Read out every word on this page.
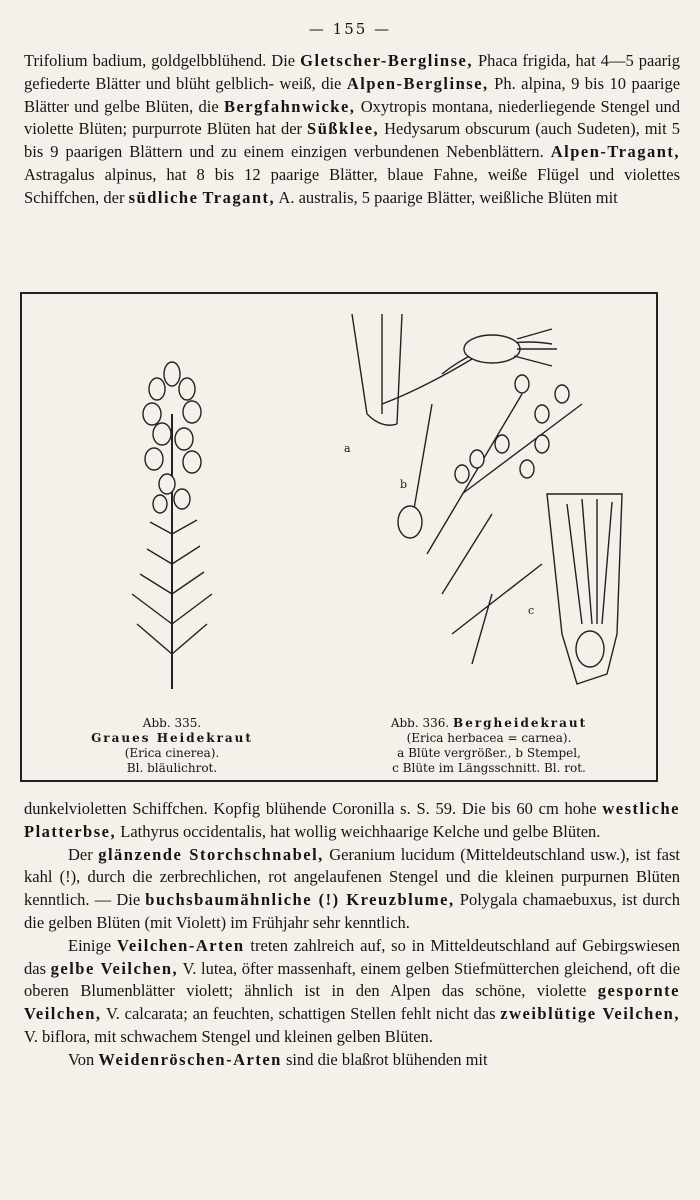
— 155 —

Trifolium badium, goldgelbblühend. Die Gletscher-Berglinse, Phaca frigida, hat 4—5 paarig gefiederte Blätter und blüht gelblich- weiß, die Alpen-Berglinse, Ph. alpina, 9 bis 10 paarige Blätter und gelbe Blüten, die Bergfahnwicke, Oxytropis montana, niederliegende Stengel und violette Blüten; purpurrote Blüten hat der Süßklee, Hedysarum obscurum (auch Sudeten), mit 5 bis 9 paarigen Blättern und zu einem einzigen verbundenen Nebenblättern. Alpen-Tragant, Astragalus alpinus, hat 8 bis 12 paarige Blätter, blaue Fahne, weiße Flügel und violettes Schiffchen, der südliche Tragant, A. australis, 5 paarige Blätter, weißliche Blüten mit

a
b
c
Abb. 335.
Graues Heidekraut
(Erica cinerea).
Bl. bläulichrot.
Abb. 336. Bergheidekraut
(Erica herbacea = carnea).
a Blüte vergrößer., b Stempel,
c Blüte im Längsschnitt. Bl. rot.

dunkelvioletten Schiffchen. Kopfig blühende Coronilla s. S. 59. Die bis 60 cm hohe westliche Platterbse, Lathyrus occidentalis, hat wollig weichhaarige Kelche und gelbe Blüten.

Der glänzende Storchschnabel, Geranium lucidum (Mitteldeutschland usw.), ist fast kahl (!), durch die zerbrechlichen, rot angelaufenen Stengel und die kleinen purpurnen Blüten kenntlich. — Die buchsbaumähnliche (!) Kreuzblume, Polygala chamaebuxus, ist durch die gelben Blüten (mit Violett) im Frühjahr sehr kenntlich.

Einige Veilchen-Arten treten zahlreich auf, so in Mitteldeutschland auf Gebirgswiesen das gelbe Veilchen, V. lutea, öfter massenhaft, einem gelben Stiefmütterchen gleichend, oft die oberen Blumenblätter violett; ähnlich ist in den Alpen das schöne, violette gespornte Veilchen, V. calcarata; an feuchten, schattigen Stellen fehlt nicht das zweiblütige Veilchen, V. biflora, mit schwachem Stengel und kleinen gelben Blüten.

Von Weidenröschen-Arten sind die blaßrot blühenden mit
